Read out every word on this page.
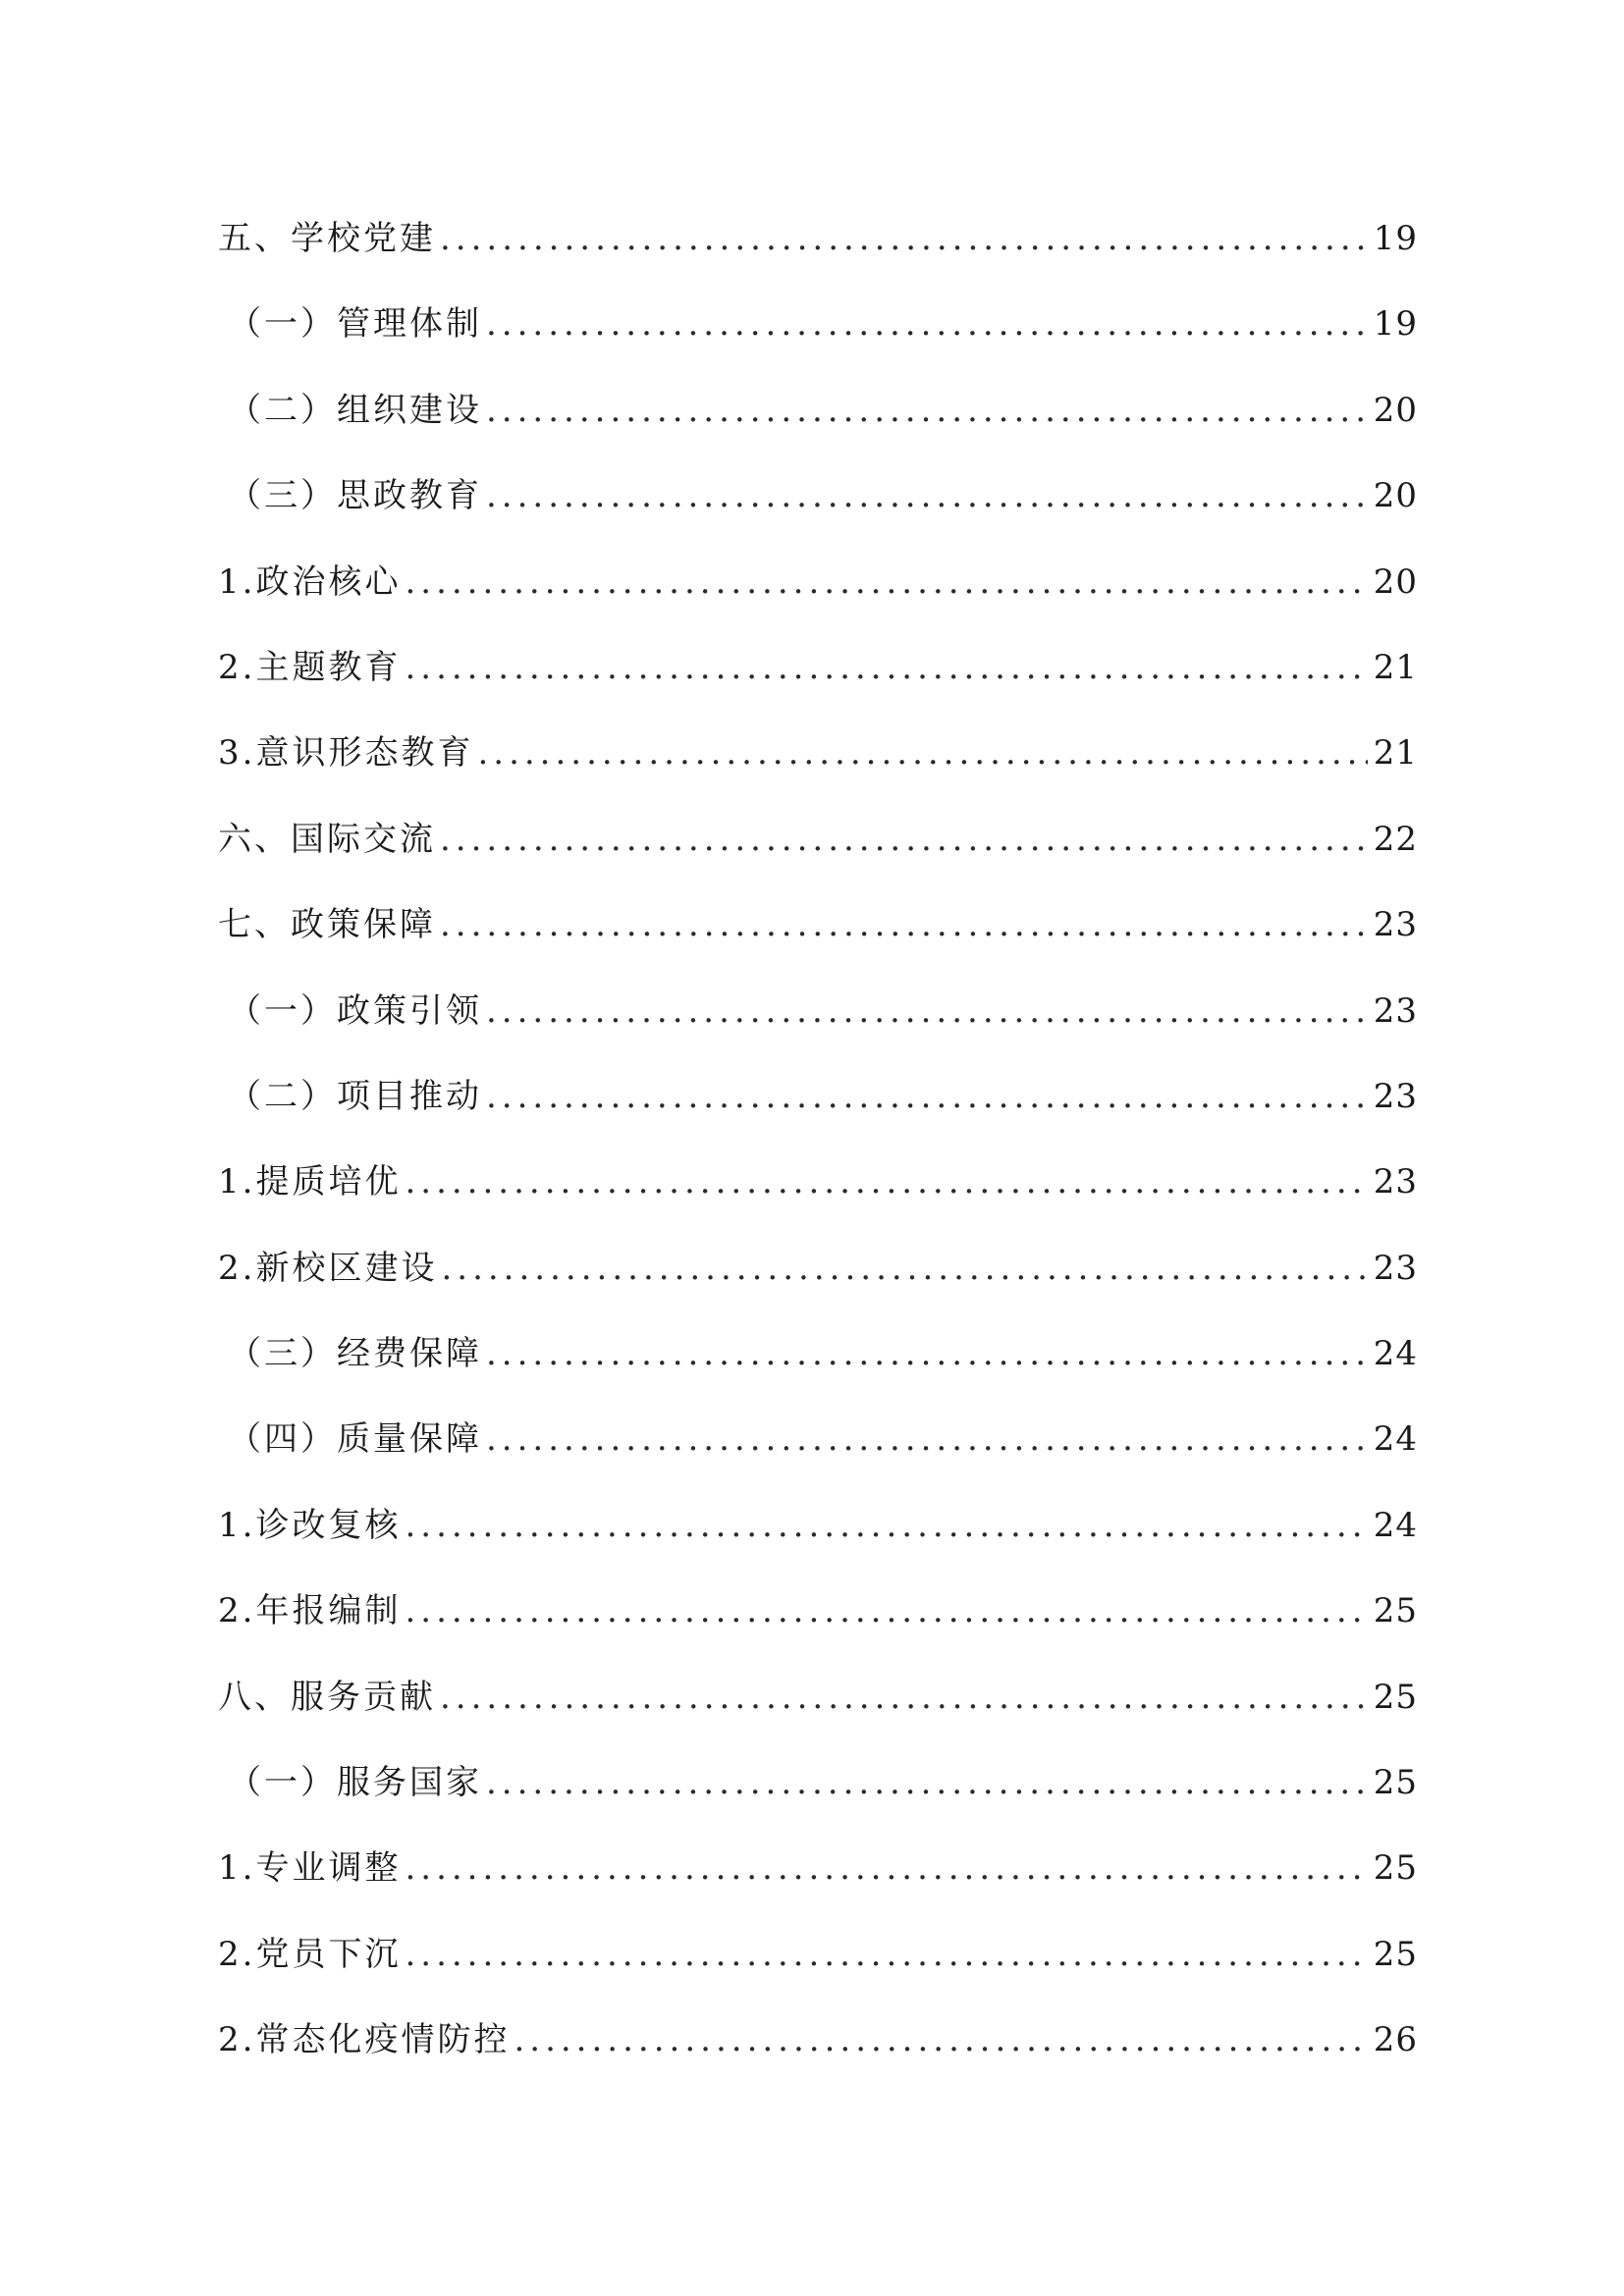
五、学校党建 .....	19
（一）管理体制 .....	19
（二）组织建设 .....	20
（三）思政教育 .....	20
1.政治核心 .....	20
2.主题教育 .....	21
3.意识形态教育 .....	21
六、国际交流 .....	22
七、政策保障 .....	23
（一）政策引领 .....	23
（二）项目推动 .....	23
1.提质培优 .....	23
2.新校区建设 .....	23
（三）经费保障 .....	24
（四）质量保障 .....	24
1.诊改复核 .....	24
2.年报编制 .....	25
八、服务贡献 .....	25
（一）服务国家 .....	25
1.专业调整 .....	25
2.党员下沉 .....	25
2.常态化疫情防控 .....	26
